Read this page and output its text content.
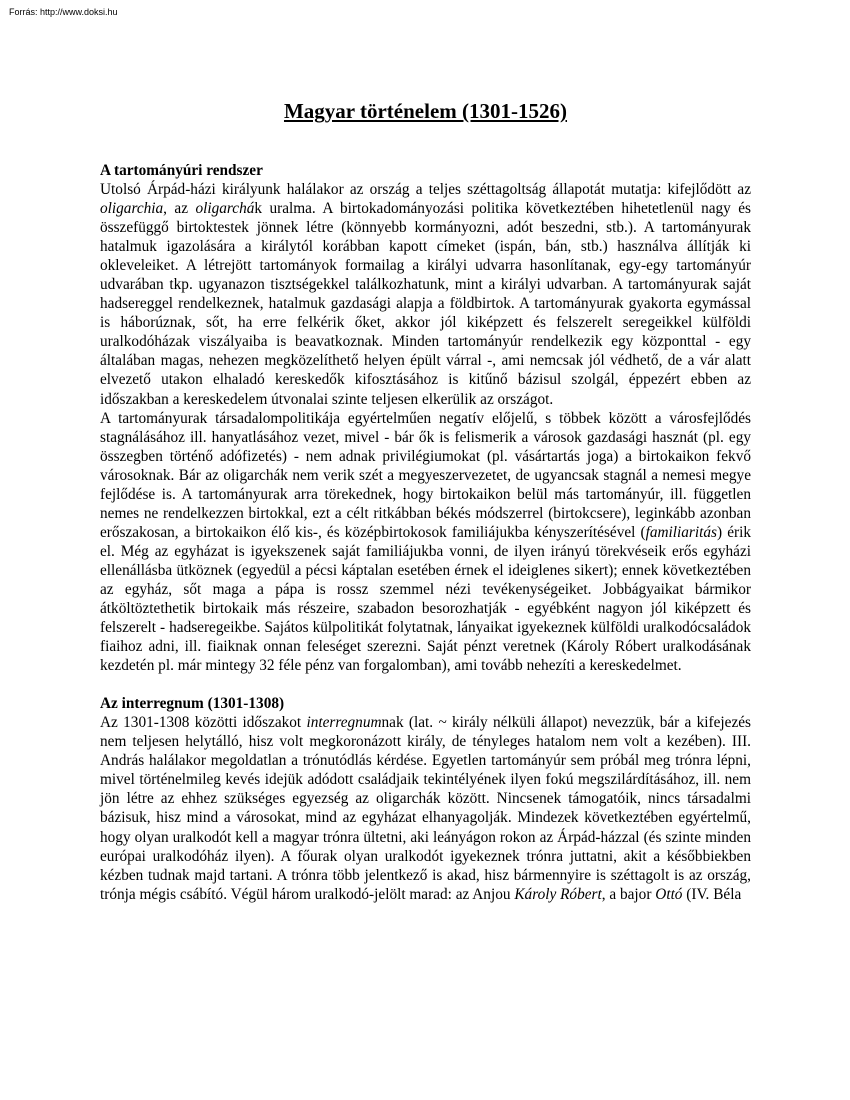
Forrás: http://www.doksi.hu
Magyar történelem (1301-1526)
A tartományúri rendszer

Utolsó Árpád-házi királyunk halálakor az ország a teljes széttagoltság állapotát mutatja: kifejlődött az oligarchia, az oligarchák uralma. A birtokadományozási politika következtében hihetetlenül nagy és összefüggő birtoktestek jönnek létre (könnyebb kormányozni, adót beszedni, stb.). A tartományurak hatalmuk igazolására a királytól korábban kapott címeket (ispán, bán, stb.) használva állítják ki okleveleiket. A létrejött tartományok formailag a királyi udvarra hasonlítanak, egy-egy tartományúr udvarában tkp. ugyanazon tisztségekkel találkozhatunk, mint a királyi udvarban. A tartományurak saját hadsereggel rendelkeznek, hatalmuk gazdasági alapja a földbirtok. A tartományurak gyakorta egymással is háborúznak, sőt, ha erre felkérik őket, akkor jól kiképzett és felszerelt seregeikkel külföldi uralkodóházak viszályaiba is beavatkoznak. Minden tartományúr rendelkezik egy központtal - egy általában magas, nehezen megközelíthető helyen épült várral -, ami nemcsak jól védhető, de a vár alatt elvezető utakon elhaladó kereskedők kifosztásához is kitűnő bázisul szolgál, éppezért ebben az időszakban a kereskedelem útvonalai szinte teljesen elkerülik az országot.

A tartományurak társadalompolitikája egyértelműen negatív előjelű, s többek között a városfejlődés stagnálásához ill. hanyatlásához vezet, mivel - bár ők is felismerik a városok gazdasági hasznát (pl. egy összegben történő adófizetés) - nem adnak privilégiumokat (pl. vásártartás joga) a birtokaikon fekvő városoknak. Bár az oligarchák nem verik szét a megyeszervezetet, de ugyancsak stagnál a nemesi megye fejlődése is. A tartományurak arra törekednek, hogy birtokaikon belül más tartományúr, ill. független nemes ne rendelkezzen birtokkal, ezt a célt ritkábban békés módszerrel (birtokcsere), leginkább azonban erőszakosan, a birtokaikon élő kis-, és középbirtokosok familiájukba kényszerítésével (familiaritás) érik el. Még az egyházat is igyekszenek saját familiájukba vonni, de ilyen irányú törekvéseik erős egyházi ellenállásba ütköznek (egyedül a pécsi káptalan esetében érnek el ideiglenes sikert); ennek következtében az egyház, sőt maga a pápa is rossz szemmel nézi tevékenységeiket. Jobbágyaikat bármikor átköltöztethetik birtokaik más részeire, szabadon besorozhatják - egyébként nagyon jól kiképzett és felszerelt - hadseregeikbe. Sajátos külpolitikát folytatnak, lányaikat igyekeznek külföldi uralkodócsaládok fiaihoz adni, ill. fiaiknak onnan feleséget szerezni. Saját pénzt veretnek (Károly Róbert uralkodásának kezdetén pl. már mintegy 32 féle pénz van forgalomban), ami tovább nehezíti a kereskedelmet.

Az interregnum (1301-1308)

Az 1301-1308 közötti időszakot interregnumnak (lat. ~ király nélküli állapot) nevezzük, bár a kifejezés nem teljesen helytálló, hisz volt megkoronázott király, de tényleges hatalom nem volt a kezében). III. András halálakor megoldatlan a trónutódlás kérdése. Egyetlen tartományúr sem próbál meg trónra lépni, mivel történelmileg kevés idejük adódott családjaik tekintélyének ilyen fokú megszilárdításához, ill. nem jön létre az ehhez szükséges egyezség az oligarchák között. Nincsenek támogatóik, nincs társadalmi bázisuk, hisz mind a városokat, mind az egyházat elhanyagolják. Mindezek következtében egyértelmű, hogy olyan uralkodót kell a magyar trónra ültetni, aki leányágon rokon az Árpád-házzal (és szinte minden európai uralkodóház ilyen). A főurak olyan uralkodót igyekeznek trónra juttatni, akit a későbbiekben kézben tudnak majd tartani. A trónra több jelentkező is akad, hisz bármennyire is széttagolt is az ország, trónja mégis csábító. Végül három uralkodó-jelölt marad: az Anjou Károly Róbert, a bajor Ottó (IV. Béla
